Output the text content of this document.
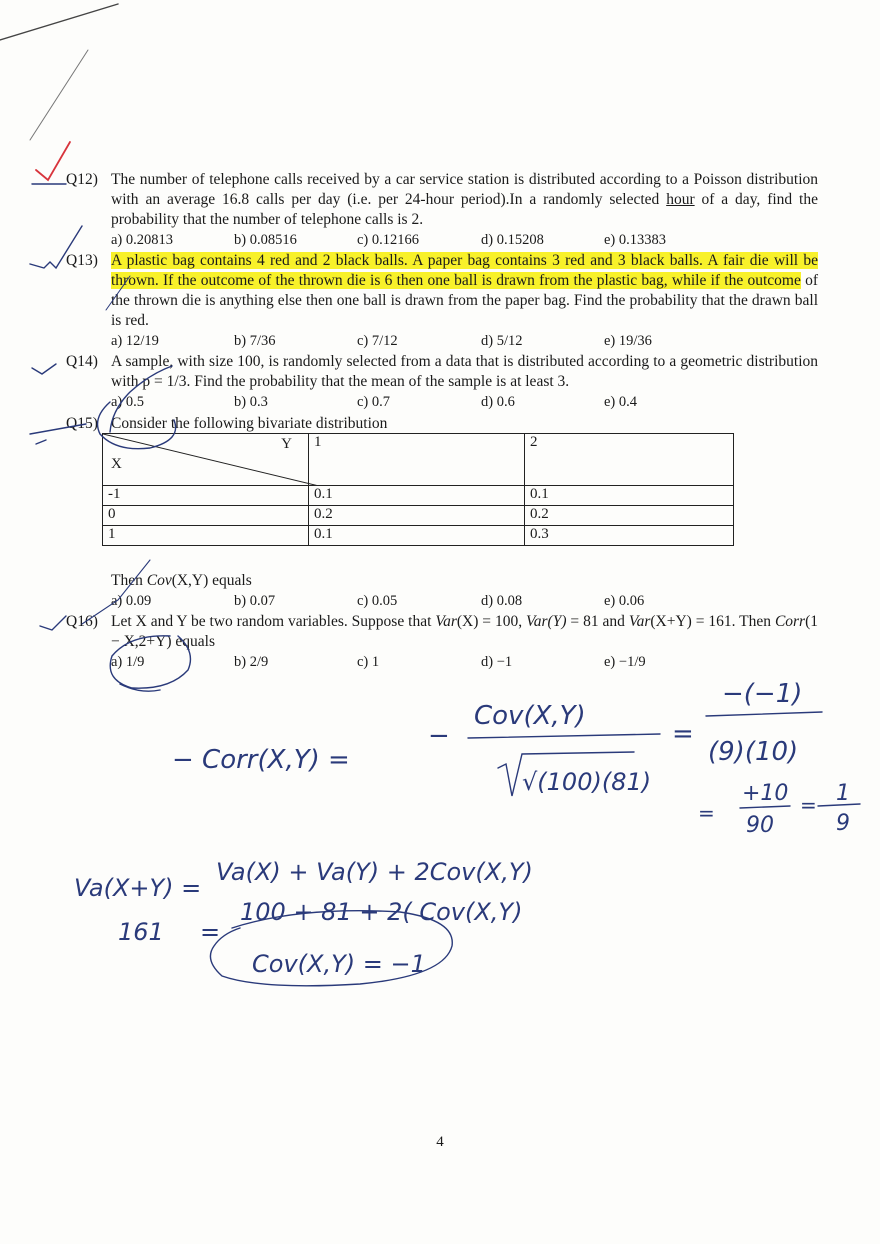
Q12) The number of telephone calls received by a car service station is distributed according to a Poisson distribution with an average 16.8 calls per day (i.e. per 24-hour period).In a randomly selected hour of a day, find the probability that the number of telephone calls is 2.
a) 0.20813	b) 0.08516	c) 0.12166	d) 0.15208	e) 0.13383
Q13) A plastic bag contains 4 red and 2 black balls. A paper bag contains 3 red and 3 black balls. A fair die will be thrown. If the outcome of the thrown die is 6 then one ball is drawn from the plastic bag, while if the outcome of the thrown die is anything else then one ball is drawn from the paper bag. Find the probability that the drawn ball is red.
a) 12/19	b) 7/36	c) 7/12	d) 5/12	e) 19/36
Q14) A sample, with size 100, is randomly selected from a data that is distributed according to a geometric distribution with p = 1/3. Find the probability that the mean of the sample is at least 3.
a) 0.5	b) 0.3	c) 0.7	d) 0.6	e) 0.4
Q15) Consider the following bivariate distribution
Y
X	1	2
-1	0.1	0.1
0	0.2	0.2
1	0.1	0.3
Then Cov(X,Y) equals
a) 0.09	b) 0.07	c) 0.05	d) 0.08	e) 0.06
Q16) Let X and Y be two random variables. Suppose that Var(X) = 100, Var(Y) = 81 and Var(X+Y) = 161. Then Corr(1 − X,2+Y) equals
a) 1/9	b) 2/9	c) 1	d) −1	e) −1/9
4
− Corr(X,Y) =
−
Cov(X,Y)
√(100)(81)
=
−(−1)
(9)(10)
=
+10
90
= 1
9
Va(X+Y) =
Va(X) + Va(Y) + 2Cov(X,Y)
161 =
100 + 81 + 2( Cov(X,Y)
Cov(X,Y) = −1
